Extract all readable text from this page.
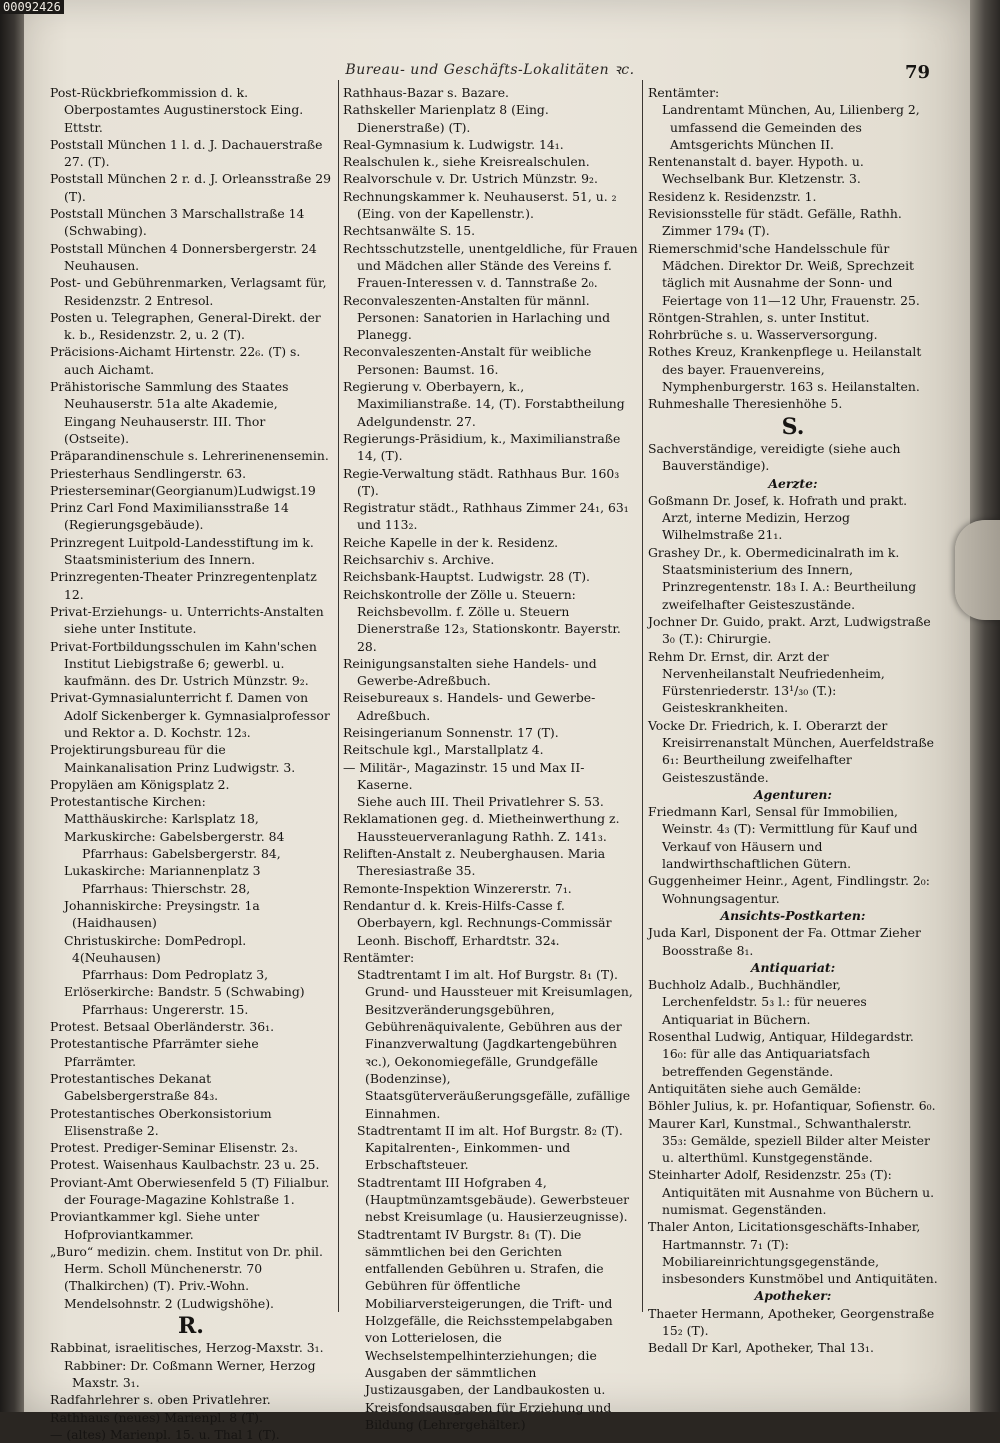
00092426
Bureau- und Geschäfts-Lokalitäten ꝛc.	79
Post-Rückbriefkommission d. k. Oberpostamtes Augustinerstock Eing. Ettstr.
Poststall München 1 l. d. J. Dachauerstraße 27. (T).
Poststall München 2 r. d. J. Orleansstraße 29 (T).
Poststall München 3 Marschallstraße 14 (Schwabing).
Poststall München 4 Donnersbergerstr. 24 Neuhausen.
Post- und Gebührenmarken, Verlagsamt für, Residenzstr. 2 Entresol.
Posten u. Telegraphen, General-Direkt. der k. b., Residenzstr. 2, u. 2 (T).
Präcisions-Aichamt Hirtenstr. 22₆. (T) s. auch Aichamt.
Prähistorische Sammlung des Staates Neuhauserstr. 51a alte Akademie, Eingang Neuhauserstr. III. Thor (Ostseite).
Präparandinenschule s. Lehrerinenensemin.
Priesterhaus Sendlingerstr. 63.
Priesterseminar(Georgianum)Ludwigst.19
Prinz Carl Fond Maximiliansstraße 14 (Regierungsgebäude).
Prinzregent Luitpold-Landesstiftung im k. Staatsministerium des Innern.
Prinzregenten-Theater Prinzregentenplatz 12.
Privat-Erziehungs- u. Unterrichts-Anstalten siehe unter Institute.
Privat-Fortbildungsschulen im Kahn'schen Institut Liebigstraße 6; gewerbl. u. kaufmänn. des Dr. Ustrich Münzstr. 9₂.
Privat-Gymnasialunterricht f. Damen von Adolf Sickenberger k. Gymnasialprofessor und Rektor a. D. Kochstr. 12₃.
Projektirungsbureau für die Mainkanalisation Prinz Ludwigstr. 3.
Propyläen am Königsplatz 2.
Protestantische Kirchen:
Matthäuskirche: Karlsplatz 18,
Markuskirche: Gabelsbergerstr. 84
Pfarrhaus: Gabelsbergerstr. 84,
Lukaskirche: Mariannenplatz 3
Pfarrhaus: Thierschstr. 28,
Johanniskirche: Preysingstr. 1a (Haidhausen)
Christuskirche: DomPedropl. 4(Neuhausen)
Pfarrhaus: Dom Pedroplatz 3,
Erlöserkirche: Bandstr. 5 (Schwabing)
Pfarrhaus: Ungererstr. 15.
Protest. Betsaal Oberländerstr. 36₁.
Protestantische Pfarrämter siehe Pfarrämter.
Protestantisches Dekanat Gabelsbergerstraße 84₃.
Protestantisches Oberkonsistorium Elisenstraße 2.
Protest. Prediger-Seminar Elisenstr. 2₃.
Protest. Waisenhaus Kaulbachstr. 23 u. 25.
Proviant-Amt Oberwiesenfeld 5 (T) Filialbur. der Fourage-Magazine Kohlstraße 1.
Proviantkammer kgl. Siehe unter Hofproviantkammer.
„Buro“ medizin. chem. Institut von Dr. phil. Herm. Scholl Münchenerstr. 70 (Thalkirchen) (T). Priv.-Wohn. Mendelsohnstr. 2 (Ludwigshöhe).
R.
Rabbinat, israelitisches, Herzog-Maxstr. 3₁.
Rabbiner: Dr. Coßmann Werner, Herzog Maxstr. 3₁.
Radfahrlehrer s. oben Privatlehrer.
Rathhaus (neues) Marienpl. 8 (T).
— (altes) Marienpl. 15. u. Thal 1 (T).
Rathhaus-Bazar s. Bazare.
Rathskeller Marienplatz 8 (Eing. Dienerstraße) (T).
Real-Gymnasium k. Ludwigstr. 14₁.
Realschulen k., siehe Kreisrealschulen.
Realvorschule v. Dr. Ustrich Münzstr. 9₂.
Rechnungskammer k. Neuhauserst. 51, u. ₂ (Eing. von der Kapellenstr.).
Rechtsanwälte S. 15.
Rechtsschutzstelle, unentgeldliche, für Frauen und Mädchen aller Stände des Vereins f. Frauen-Interessen v. d. Tannstraße 2₀.
Reconvaleszenten-Anstalten für männl. Personen: Sanatorien in Harlaching und Planegg.
Reconvaleszenten-Anstalt für weibliche Personen: Baumst. 16.
Regierung v. Oberbayern, k., Maximilianstraße. 14, (T). Forstabtheilung Adelgundenstr. 27.
Regierungs-Präsidium, k., Maximilianstraße 14, (T).
Regie-Verwaltung städt. Rathhaus Bur. 160₃ (T).
Registratur städt., Rathhaus Zimmer 24₁, 63₁ und 113₂.
Reiche Kapelle in der k. Residenz.
Reichsarchiv s. Archive.
Reichsbank-Hauptst. Ludwigstr. 28 (T).
Reichskontrolle der Zölle u. Steuern: Reichsbevollm. f. Zölle u. Steuern Dienerstraße 12₃, Stationskontr. Bayerstr. 28.
Reinigungsanstalten siehe Handels- und Gewerbe-Adreßbuch.
Reisebureaux s. Handels- und Gewerbe-Adreßbuch.
Reisingerianum Sonnenstr. 17 (T).
Reitschule kgl., Marstallplatz 4.
— Militär-, Magazinstr. 15 und Max II-Kaserne.
Siehe auch III. Theil Privatlehrer S. 53.
Reklamationen geg. d. Mietheinwerthung z. Haussteuerveranlagung Rathh. Z. 141₃.
Reliften-Anstalt z. Neuberghausen. Maria Theresiastraße 35.
Remonte-Inspektion Winzererstr. 7₁.
Rendantur d. k. Kreis-Hilfs-Casse f. Oberbayern, kgl. Rechnungs-Commissär Leonh. Bischoff, Erhardtstr. 32₄.
Rentämter:
Stadtrentamt I im alt. Hof Burgstr. 8₁ (T). Grund- und Haussteuer mit Kreisumlagen, Besitzveränderungsgebühren, Gebührenäquivalente, Gebühren aus der Finanzverwaltung (Jagdkartengebühren ꝛc.), Oekonomiegefälle, Grundgefälle (Bodenzinse), Staatsgüterveräußerungsgefälle, zufällige Einnahmen.
Stadtrentamt II im alt. Hof Burgstr. 8₂ (T). Kapitalrenten-, Einkommen- und Erbschaftsteuer.
Stadtrentamt III Hofgraben 4, (Hauptmünzamtsgebäude). Gewerbsteuer nebst Kreisumlage (u. Hausierzeugnisse).
Stadtrentamt IV Burgstr. 8₁ (T). Die sämmtlichen bei den Gerichten entfallenden Gebühren u. Strafen, die Gebühren für öffentliche Mobiliarversteigerungen, die Trift- und Holzgefälle, die Reichsstempelabgaben von Lotterielosen, die Wechselstempelhinterziehungen; die Ausgaben der sämmtlichen Justizausgaben, der Landbaukosten u. Kreisfondsausgaben für Erziehung und Bildung (Lehrergehälter.)
Rentämter:
Landrentamt München, Au, Lilienberg 2, umfassend die Gemeinden des Amtsgerichts München II.
Rentenanstalt d. bayer. Hypoth. u. Wechselbank Bur. Kletzenstr. 3.
Residenz k. Residenzstr. 1.
Revisionsstelle für städt. Gefälle, Rathh. Zimmer 179₄ (T).
Riemerschmid'sche Handelsschule für Mädchen. Direktor Dr. Weiß, Sprechzeit täglich mit Ausnahme der Sonn- und Feiertage von 11—12 Uhr, Frauenstr. 25.
Röntgen-Strahlen, s. unter Institut.
Rohrbrüche s. u. Wasserversorgung.
Rothes Kreuz, Krankenpflege u. Heilanstalt des bayer. Frauenvereins, Nymphenburgerstr. 163 s. Heilanstalten.
Ruhmeshalle Theresienhöhe 5.
S.
Sachverständige, vereidigte (siehe auch Bauverständige).
Aerzte:
Goßmann Dr. Josef, k. Hofrath und prakt. Arzt, interne Medizin, Herzog Wilhelmstraße 21₁.
Grashey Dr., k. Obermedicinalrath im k. Staatsministerium des Innern, Prinzregentenstr. 18₃ I. A.: Beurtheilung zweifelhafter Geisteszustände.
Jochner Dr. Guido, prakt. Arzt, Ludwigstraße 3₀ (T.): Chirurgie.
Rehm Dr. Ernst, dir. Arzt der Nervenheilanstalt Neufriedenheim, Fürstenriederstr. 13¹/₃₀ (T.): Geisteskrankheiten.
Vocke Dr. Friedrich, k. I. Oberarzt der Kreisirrenanstalt München, Auerfeldstraße 6₁: Beurtheilung zweifelhafter Geisteszustände.
Agenturen:
Friedmann Karl, Sensal für Immobilien, Weinstr. 4₃ (T): Vermittlung für Kauf und Verkauf von Häusern und landwirthschaftlichen Gütern.
Guggenheimer Heinr., Agent, Findlingstr. 2₀: Wohnungsagentur.
Ansichts-Postkarten:
Juda Karl, Disponent der Fa. Ottmar Zieher Boosstraße 8₁.
Antiquariat:
Buchholz Adalb., Buchhändler, Lerchenfeldstr. 5₃ l.: für neueres Antiquariat in Büchern.
Rosenthal Ludwig, Antiquar, Hildegardstr. 16₀: für alle das Antiquariatsfach betreffenden Gegenstände.
Antiquitäten siehe auch Gemälde:
Böhler Julius, k. pr. Hofantiquar, Sofienstr. 6₀.
Maurer Karl, Kunstmal., Schwanthalerstr. 35₃: Gemälde, speziell Bilder alter Meister u. alterthüml. Kunstgegenstände.
Steinharter Adolf, Residenzstr. 25₃ (T): Antiquitäten mit Ausnahme von Büchern u. numismat. Gegenständen.
Thaler Anton, Licitationsgeschäfts-Inhaber, Hartmannstr. 7₁ (T): Mobiliareinrichtungsgegenstände, insbesonders Kunstmöbel und Antiquitäten.
Apotheker:
Thaeter Hermann, Apotheker, Georgenstraße 15₂ (T).
Bedall Dr Karl, Apotheker, Thal 13₁.
